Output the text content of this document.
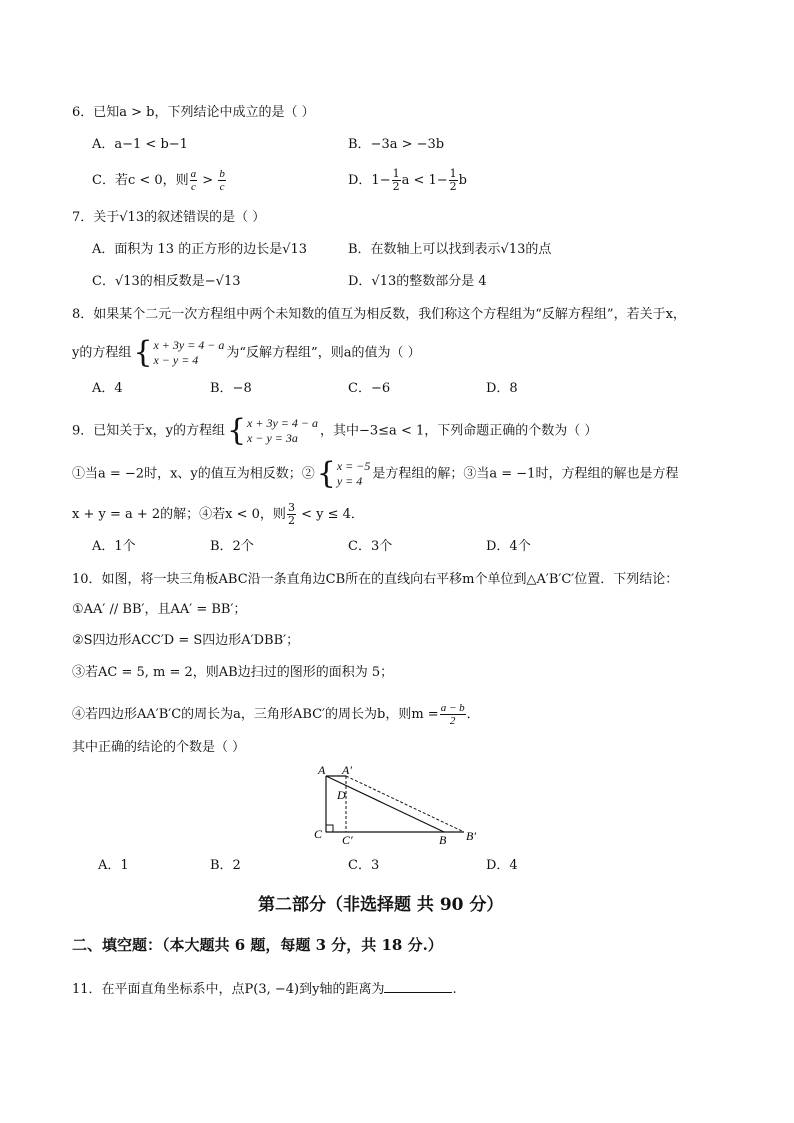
6．已知a > b，下列结论中成立的是（ ）
A．a−1 < b−1	B．−3a > −3b
C．若c < 0，则 $\frac{a}{c} > \frac{b}{c}$	D．$1- \frac{1}{2}$ $a < 1- \frac{1}{2}$ b
7．关于√13的叙述错误的是（ ）
A．面积为 13 的正方形的边长是√13	B．在数轴上可以找到表示√13的点
C．√13的相反数是−√13	D．√13的整数部分是 4
8．如果某个二元一次方程组中两个未知数的值互为相反数，我们称这个方程组为“反解方程组”，若关于x，
y的方程组 { x + 3y = 4 − a
x − y = 4	为“反解方程组”，则a的值为（ ）
A．4	B．−8	C．−6	D．8
9．已知关于x，y的方程组 { x + 3y = 4 − a
x − y = 3a	，其中−3≤a < 1，下列命题正确的个数为（ ）
①当a = −2时，x、y的值互为相反数；② { x = −5
y = 4 是方程组的解；③当a = −1时，方程组的解也是方程
x + y = a + 2的解；④若x < 0，则 $\frac{3}{2} < y \le 4$．
A．1个	B．2个	C．3个	D．4个
10．如图，将一块三角板ABC沿一条直角边CB所在的直线向右平移m个单位到△A′B′C′位置．下列结论：
①AA′ // BB′，且AA′ = BB′；
②S四边形ACC′D = S四边形A′DBB′；
③若AC = 5, m = 2，则AB边扫过的图形的面积为 5；
④若四边形AA′B′C的周长为a，三角形ABC′的周长为b，则$m = \frac{a - b}{2}$ ．
其中正确的结论的个数是（ ）
A A′
D
C C′	B B′
A．1	B．2	C．3	D．4
第二部分（非选择题 共 90 分）
二、填空题：（本大题共 6 题，每题 3 分，共 18 分.）
11．在平面直角坐标系中，点P(3, −4)到y轴的距离为	.
